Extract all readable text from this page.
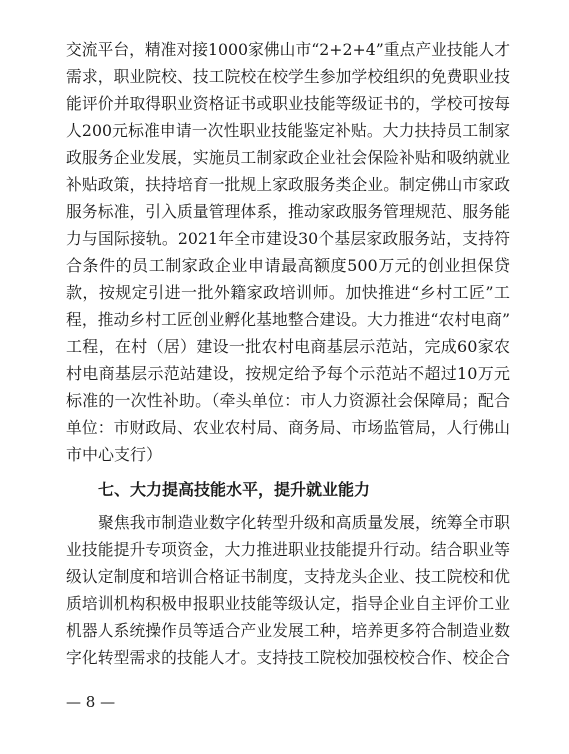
交流平台，精准对接1000家佛山市“2+2+4”重点产业技能人才
需求，职业院校、技工院校在校学生参加学校组织的免费职业技
能评价并取得职业资格证书或职业技能等级证书的，学校可按每
人200元标准申请一次性职业技能鉴定补贴。大力扶持员工制家
政服务企业发展，实施员工制家政企业社会保险补贴和吸纳就业
补贴政策，扶持培育一批规上家政服务类企业。制定佛山市家政
服务标准，引入质量管理体系，推动家政服务管理规范、服务能
力与国际接轨。2021年全市建设30个基层家政服务站，支持符
合条件的员工制家政企业申请最高额度500万元的创业担保贷
款，按规定引进一批外籍家政培训师。加快推进“乡村工匠”工
程，推动乡村工匠创业孵化基地整合建设。大力推进“农村电商”
工程，在村（居）建设一批农村电商基层示范站，完成60家农
村电商基层示范站建设，按规定给予每个示范站不超过10万元
标准的一次性补助。（牵头单位：市人力资源社会保障局；配合
单位：市财政局、农业农村局、商务局、市场监管局，人行佛山
市中心支行）
七、大力提高技能水平，提升就业能力
聚焦我市制造业数字化转型升级和高质量发展，统筹全市职
业技能提升专项资金，大力推进职业技能提升行动。结合职业等
级认定制度和培训合格证书制度，支持龙头企业、技工院校和优
质培训机构积极申报职业技能等级认定，指导企业自主评价工业
机器人系统操作员等适合产业发展工种，培养更多符合制造业数
字化转型需求的技能人才。支持技工院校加强校校合作、校企合
— 8 —
